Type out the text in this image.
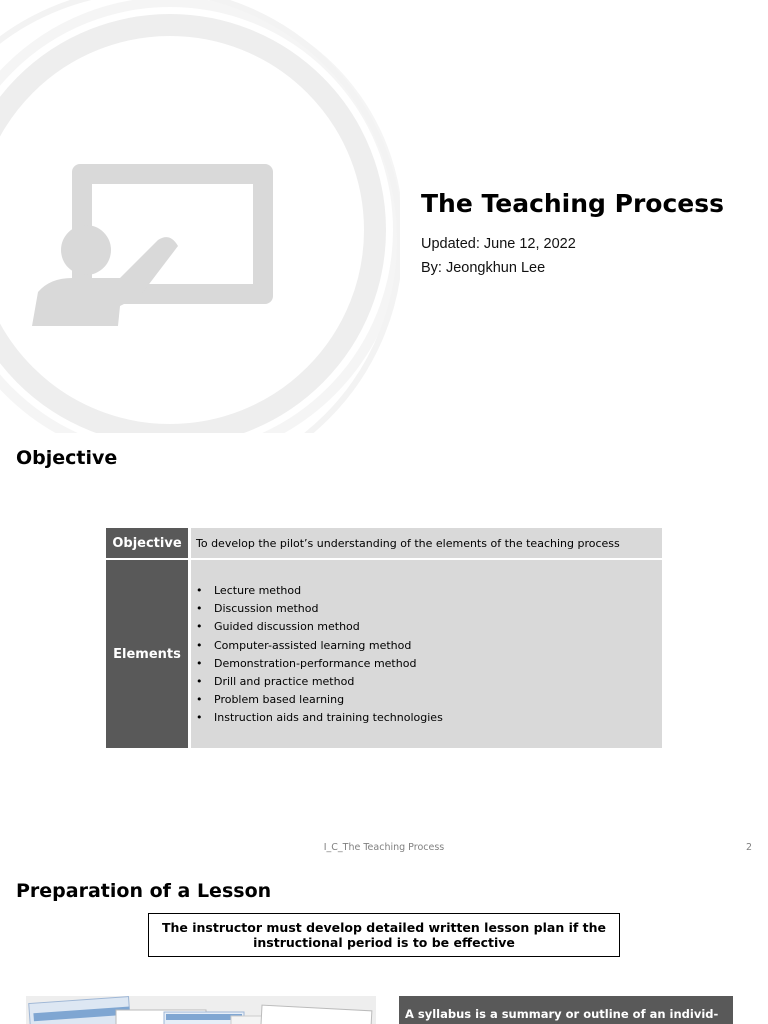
The Teaching Process
Updated: June 12, 2022
By: Jeongkhun Lee
Objective
Objective	To develop the pilot’s understanding of the elements of the teaching process
Elements
• Lecture method
• Discussion method
• Guided discussion method
• Computer-assisted learning method
• Demonstration-performance method
• Drill and practice method
• Problem based learning
• Instruction aids and training technologies
I_C_The Teaching Process	2
Preparation of a Lesson
The instructor must develop detailed written lesson plan if the instructional period is to be effective
A syllabus is a summary or outline of an individ-
